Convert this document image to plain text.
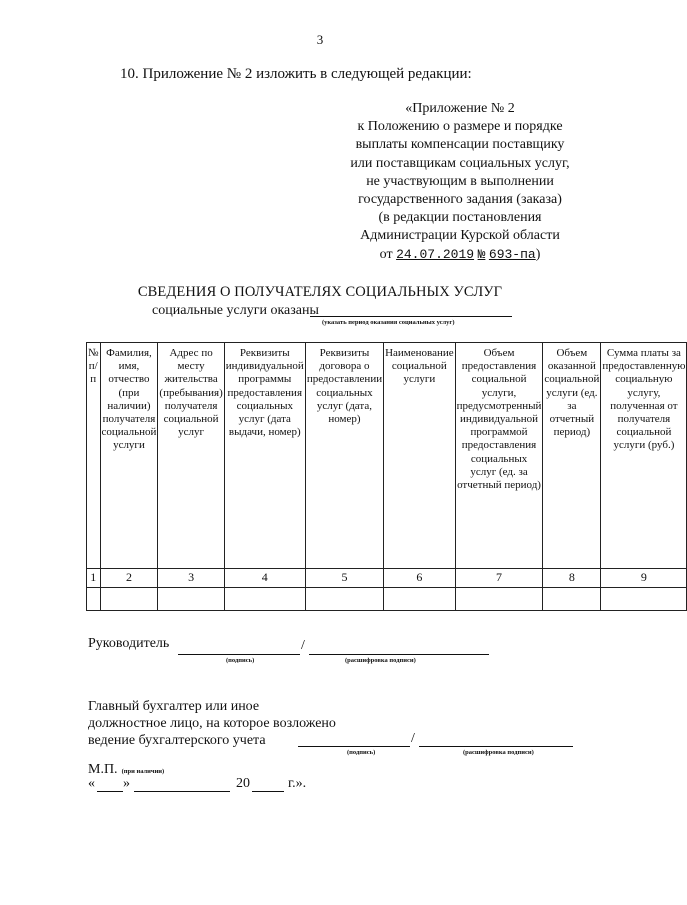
3
10. Приложение № 2 изложить в следующей редакции:
«Приложение № 2
к Положению о размере и порядке
выплаты компенсации поставщику
или поставщикам социальных услуг,
не участвующим в выполнении
государственного задания (заказа)
(в редакции постановления
Администрации Курской области
от 24.07.2019 № 693-па)
СВЕДЕНИЯ О ПОЛУЧАТЕЛЯХ СОЦИАЛЬНЫХ УСЛУГ
социальные услуги оказаны
(указать период оказания социальных услуг)
№ п/п	Фамилия, имя, отчество (при наличии) получателя социальной услуги	Адрес по месту жительства (пребывания) получателя социальной услуг	Реквизиты индивидуальной программы предоставления социальных услуг (дата выдачи, номер)	Реквизиты договора о предоставлении социальных услуг (дата, номер)	Наименование социальной услуги	Объем предоставления социальной услуги, предусмотренный индивидуальной программой предоставления социальных услуг (ед. за отчетный период)	Объем оказанной социальной услуги (ед. за отчетный период)	Сумма платы за предоставленную социальную услугу, полученная от получателя социальной услуги (руб.)
1	2	3	4	5	6	7	8	9

Руководитель	/
(подпись)	(расшифровка подписи)
Главный бухгалтер или иное
должностное лицо, на которое возложено
ведение бухгалтерского учета	/
(подпись)	(расшифровка подписи)
М.П. (при наличии)
« »	20	г.».
